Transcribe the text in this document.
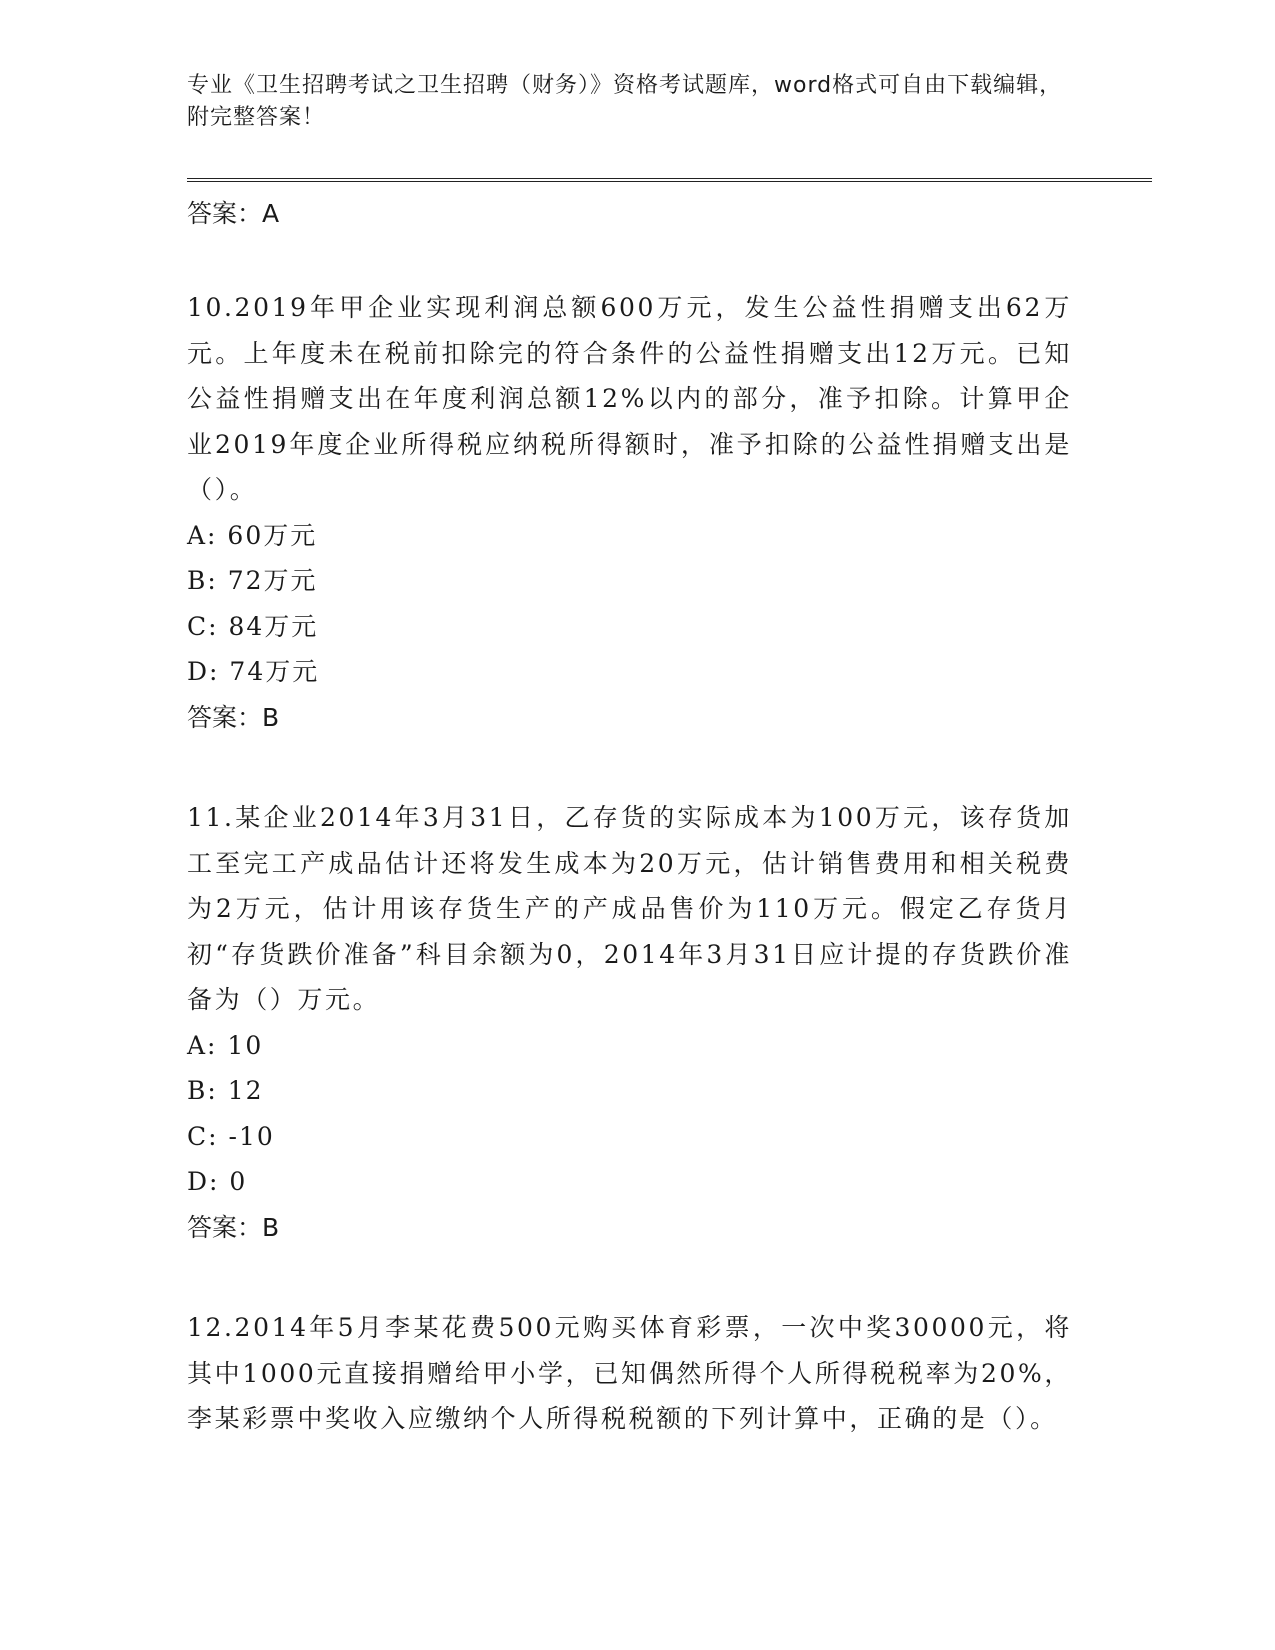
专业《卫生招聘考试之卫生招聘（财务）》资格考试题库，word格式可自由下载编辑，附完整答案！

答案：A

10.2019年甲企业实现利润总额600万元，发生公益性捐赠支出62万元。上年度未在税前扣除完的符合条件的公益性捐赠支出12万元。已知公益性捐赠支出在年度利润总额12%以内的部分，准予扣除。计算甲企业2019年度企业所得税应纳税所得额时，准予扣除的公益性捐赠支出是（）。

A: 60万元
B: 72万元
C: 84万元
D: 74万元
答案：B

11.某企业2014年3月31日，乙存货的实际成本为100万元，该存货加工至完工产成品估计还将发生成本为20万元，估计销售费用和相关税费为2万元，估计用该存货生产的产成品售价为110万元。假定乙存货月初“存货跌价准备”科目余额为0，2014年3月31日应计提的存货跌价准备为（）万元。

A: 10
B: 12
C: -10
D: 0
答案：B

12.2014年5月李某花费500元购买体育彩票，一次中奖30000元，将其中1000元直接捐赠给甲小学，已知偶然所得个人所得税税率为20%，李某彩票中奖收入应缴纳个人所得税税额的下列计算中，正确的是（）。
